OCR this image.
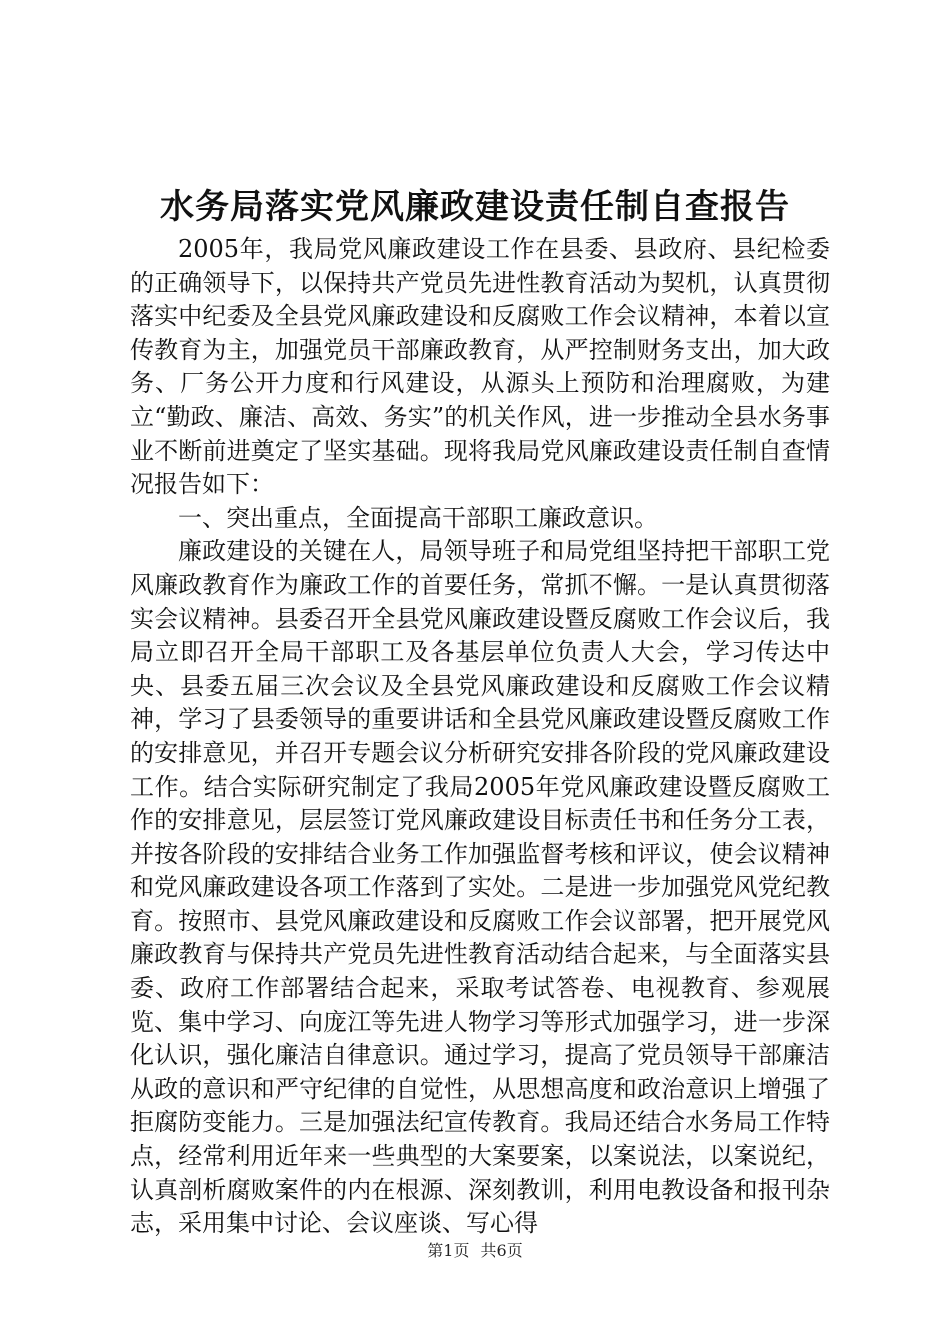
水务局落实党风廉政建设责任制自查报告

2005年，我局党风廉政建设工作在县委、县政府、县纪检委的正确领导下，以保持共产党员先进性教育活动为契机，认真贯彻落实中纪委及全县党风廉政建设和反腐败工作会议精神，本着以宣传教育为主，加强党员干部廉政教育，从严控制财务支出，加大政务、厂务公开力度和行风建设，从源头上预防和治理腐败，为建立“勤政、廉洁、高效、务实”的机关作风，进一步推动全县水务事业不断前进奠定了坚实基础。现将我局党风廉政建设责任制自查情况报告如下：

一、突出重点，全面提高干部职工廉政意识。

廉政建设的关键在人，局领导班子和局党组坚持把干部职工党风廉政教育作为廉政工作的首要任务，常抓不懈。一是认真贯彻落实会议精神。县委召开全县党风廉政建设暨反腐败工作会议后，我局立即召开全局干部职工及各基层单位负责人大会，学习传达中央、县委五届三次会议及全县党风廉政建设和反腐败工作会议精神，学习了县委领导的重要讲话和全县党风廉政建设暨反腐败工作的安排意见，并召开专题会议分析研究安排各阶段的党风廉政建设工作。结合实际研究制定了我局2005年党风廉政建设暨反腐败工作的安排意见，层层签订党风廉政建设目标责任书和任务分工表，并按各阶段的安排结合业务工作加强监督考核和评议，使会议精神和党风廉政建设各项工作落到了实处。二是进一步加强党风党纪教育。按照市、县党风廉政建设和反腐败工作会议部署，把开展党风廉政教育与保持共产党员先进性教育活动结合起来，与全面落实县委、政府工作部署结合起来，采取考试答卷、电视教育、参观展览、集中学习、向庞江等先进人物学习等形式加强学习，进一步深化认识，强化廉洁自律意识。通过学习，提高了党员领导干部廉洁从政的意识和严守纪律的自觉性，从思想高度和政治意识上增强了拒腐防变能力。三是加强法纪宣传教育。我局还结合水务局工作特点，经常利用近年来一些典型的大案要案，以案说法，以案说纪，认真剖析腐败案件的内在根源、深刻教训，利用电教设备和报刊杂志，采用集中讨论、会议座谈、写心得

第1页 共6页
